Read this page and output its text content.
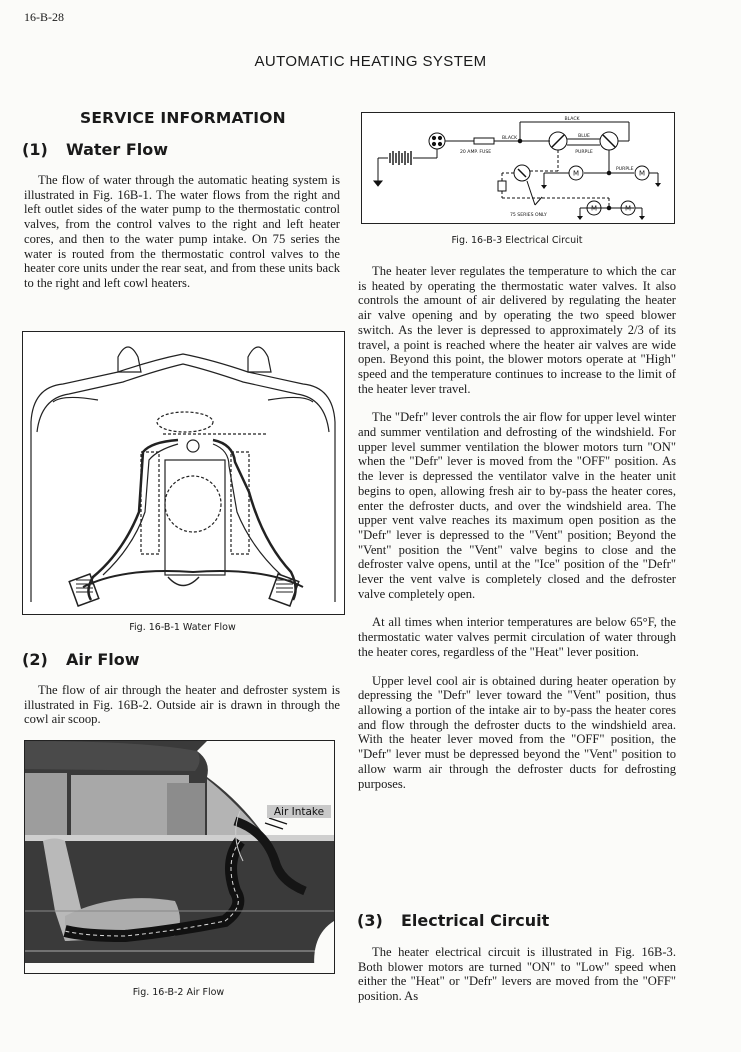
16-B-28
AUTOMATIC HEATING SYSTEM
SERVICE INFORMATION
(1) Water Flow

The flow of water through the automatic heating system is illustrated in Fig. 16B-1. The water flows from the right and left outlet sides of the water pump to the thermostatic control valves, from the control valves to the right and left heater cores, and then to the water pump intake. On 75 series the water is routed from the thermostatic control valves to the heater core units under the rear seat, and from these units back to the right and left cowl heaters.

Fig. 16-B-1 Water Flow
(2) Air Flow

The flow of air through the heater and defroster system is illustrated in Fig. 16B-2. Outside air is drawn in through the cowl air scoop.

Air Intake
Fig. 16-B-2 Air Flow
BLACK
BLACK
20 AMP. FUSE
BLUE
PURPLE
PURPLE
75 SERIES ONLY
M	M
M	M
Fig. 16-B-3 Electrical Circuit

The heater lever regulates the temperature to which the car is heated by operating the thermostatic water valves. It also controls the amount of air delivered by regulating the heater air valve opening and by operating the two speed blower switch. As the lever is depressed to approximately 2/3 of its travel, a point is reached where the heater air valves are wide open. Beyond this point, the blower motors operate at "High" speed and the temperature continues to increase to the limit of the heater lever travel.

The "Defr" lever controls the air flow for upper level winter and summer ventilation and defrosting of the windshield. For upper level summer ventilation the blower motors turn "ON" when the "Defr" lever is moved from the "OFF" position. As the lever is depressed the ventilator valve in the heater unit begins to open, allowing fresh air to by-pass the heater cores, enter the defroster ducts, and over the windshield area. The upper vent valve reaches its maximum open position as the "Defr" lever is depressed to the "Vent" position; Beyond the "Vent" position the "Vent" valve begins to close and the defroster valve opens, until at the "Ice" position of the "Defr" lever the vent valve is completely closed and the defroster valve completely open.

At all times when interior temperatures are below 65°F, the thermostatic water valves permit circulation of water through the heater cores, regardless of the "Heat" lever position.

Upper level cool air is obtained during heater operation by depressing the "Defr" lever toward the "Vent" position, thus allowing a portion of the intake air to by-pass the heater cores and flow through the defroster ducts to the windshield area. With the heater lever moved from the "OFF" position, the "Defr" lever must be depressed beyond the "Vent" position to allow warm air through the defroster ducts for defrosting purposes.

(3) Electrical Circuit

The heater electrical circuit is illustrated in Fig. 16B-3. Both blower motors are turned "ON" to "Low" speed when either the "Heat" or "Defr" levers are moved from the "OFF" position. As
